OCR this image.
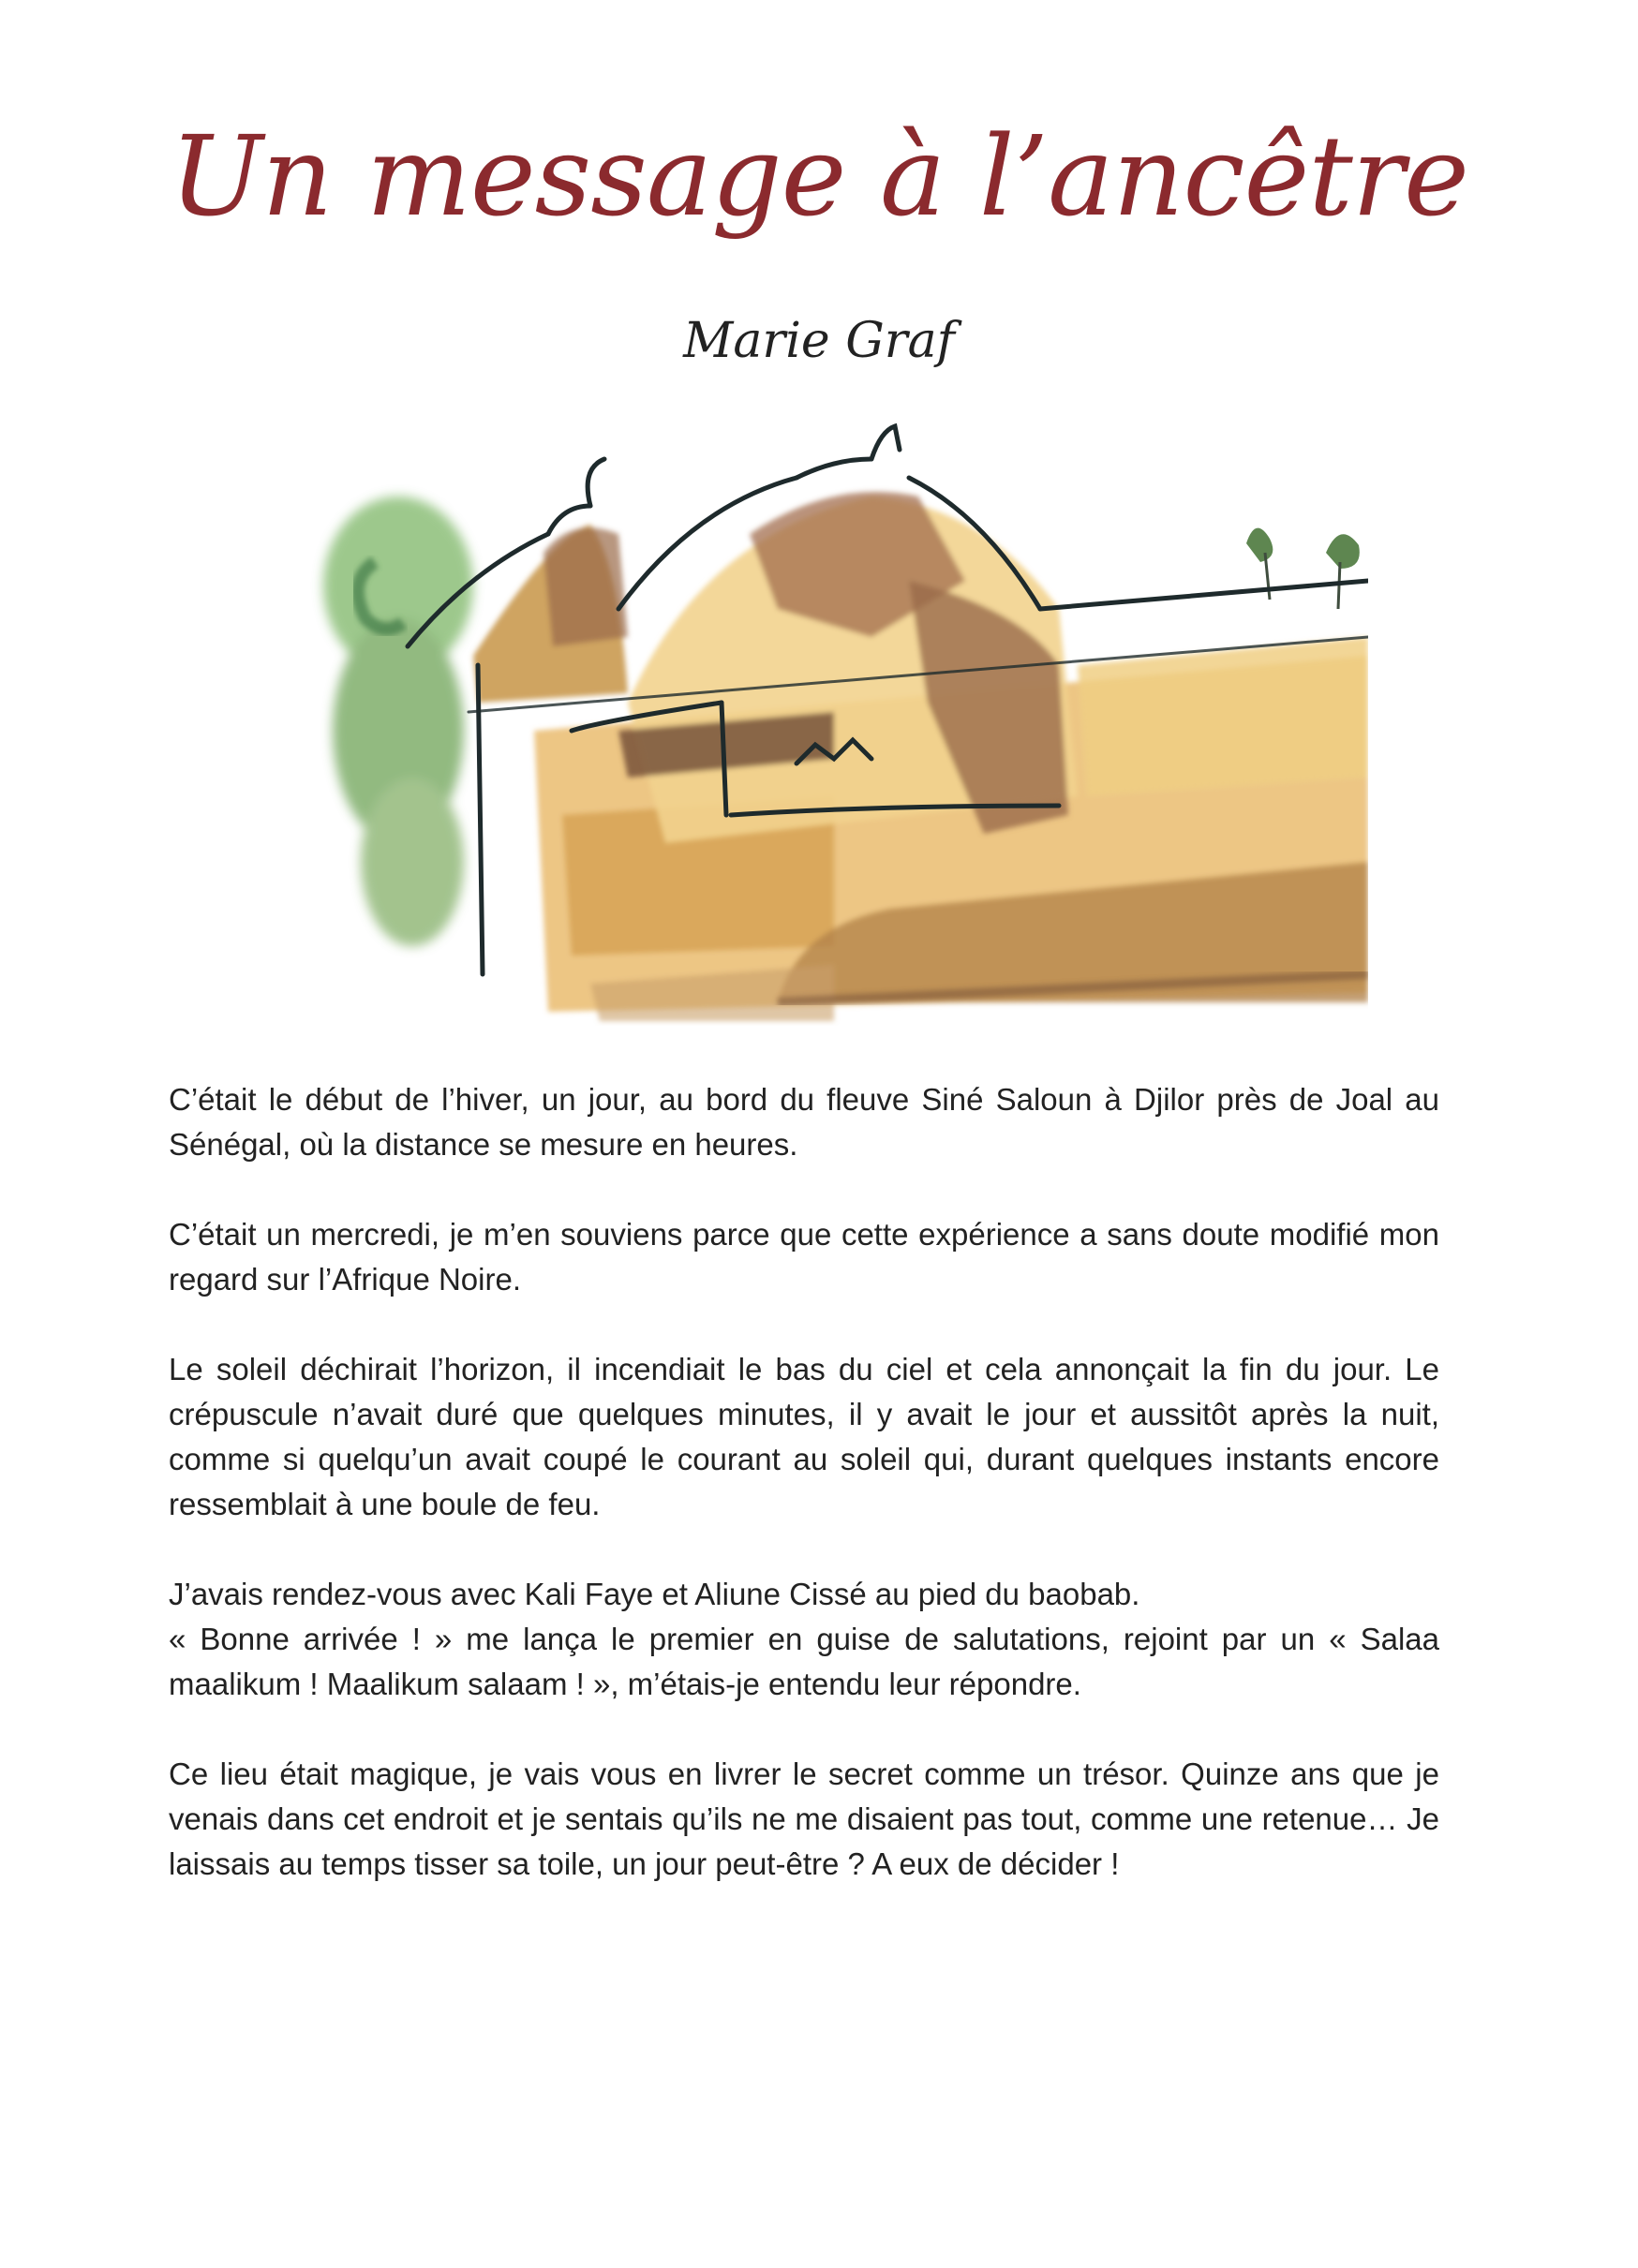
Un message à l’ancêtre
Marie Graf

C’était le début de l’hiver, un jour, au bord du fleuve Siné Saloun à Djilor près de Joal au Sénégal, où la distance se mesure en heures.

C’était un mercredi, je m’en souviens parce que cette expérience a sans doute modifié mon regard sur l’Afrique Noire.

Le soleil déchirait l’horizon, il incendiait le bas du ciel et cela annonçait la fin du jour. Le crépuscule n’avait duré que quelques minutes, il y avait le jour et aussitôt après la nuit, comme si quelqu’un avait coupé le courant au soleil qui, durant quelques instants encore ressemblait à une boule de feu.

J’avais rendez-vous avec Kali Faye et Aliune Cissé au pied du baobab.

« Bonne arrivée ! » me lança le premier en guise de salutations, rejoint par un « Salaa maalikum ! Maalikum salaam ! », m’étais-je entendu leur répondre.

Ce lieu était magique, je vais vous en livrer le secret comme un trésor. Quinze ans que je venais dans cet endroit et je sentais qu’ils ne me disaient pas tout, comme une retenue… Je laissais au temps tisser sa toile, un jour peut-être ? A eux de décider !
